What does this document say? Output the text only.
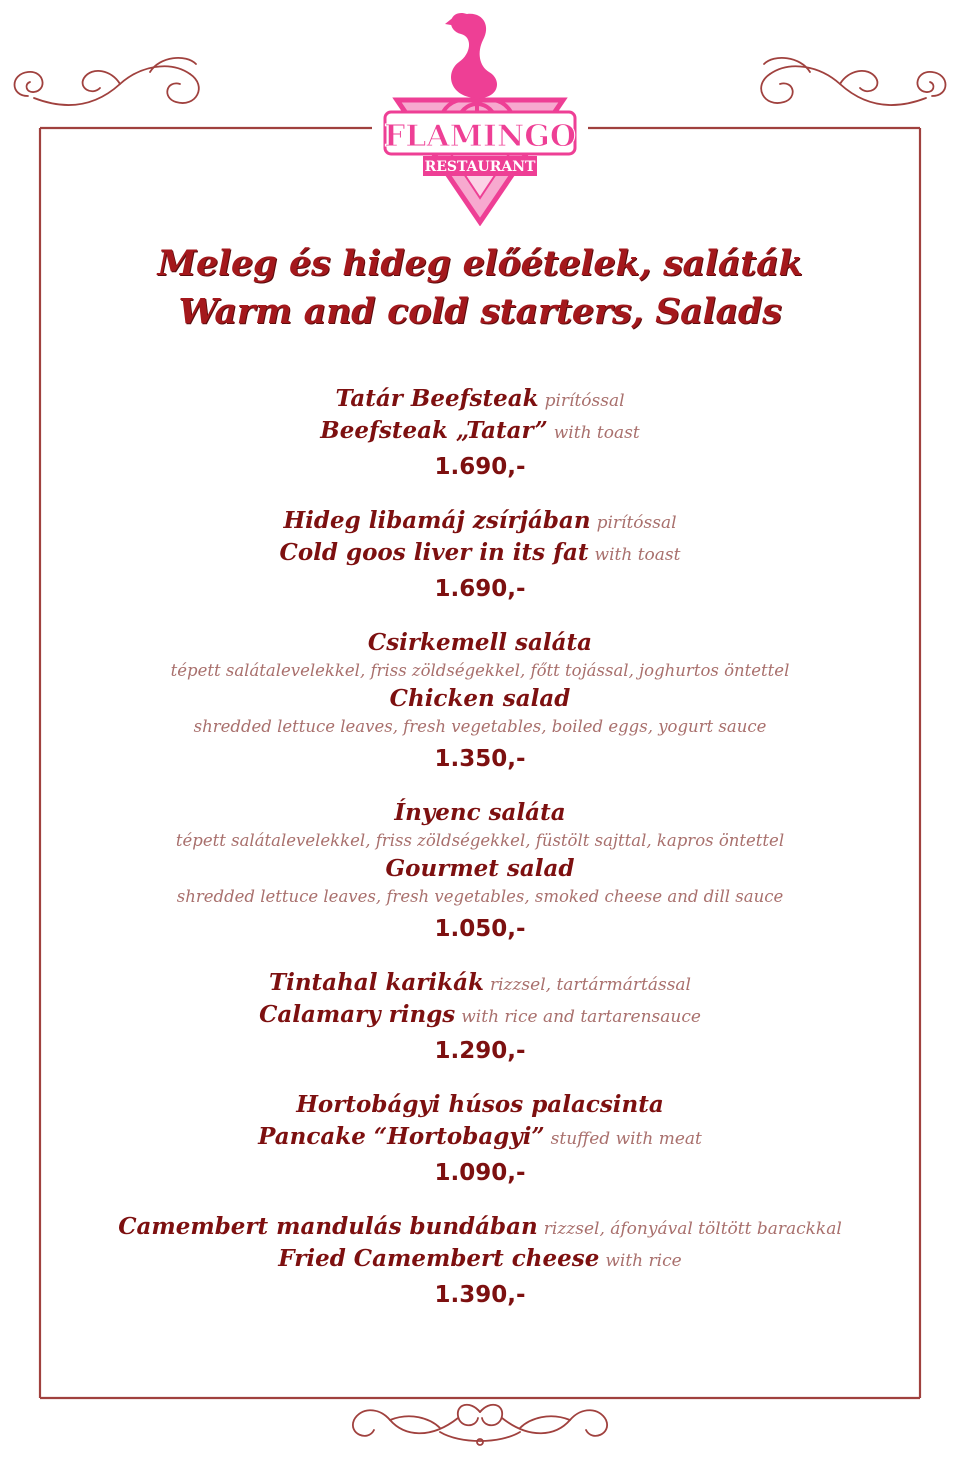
FLAMINGO
RESTAURANT
Meleg és hideg előételek, saláták
Warm and cold starters, Salads
Tatár Beefsteak pirítóssal
Beefsteak „Tatar” with toast
1.690,-
Hideg libamáj zsírjában pirítóssal
Cold goos liver in its fat with toast
1.690,-
Csirkemell saláta
tépett salátalevelekkel, friss zöldségekkel, főtt tojással, joghurtos öntettel
Chicken salad
shredded lettuce leaves, fresh vegetables, boiled eggs, yogurt sauce
1.350,-
Ínyenc saláta
tépett salátalevelekkel, friss zöldségekkel, füstölt sajttal, kapros öntettel
Gourmet salad
shredded lettuce leaves, fresh vegetables, smoked cheese and dill sauce
1.050,-
Tintahal karikák rizzsel, tartármártással
Calamary rings with rice and tartarensauce
1.290,-
Hortobágyi húsos palacsinta
Pancake “Hortobagyi” stuffed with meat
1.090,-
Camembert mandulás bundában rizzsel, áfonyával töltött barackkal
Fried Camembert cheese with rice
1.390,-
